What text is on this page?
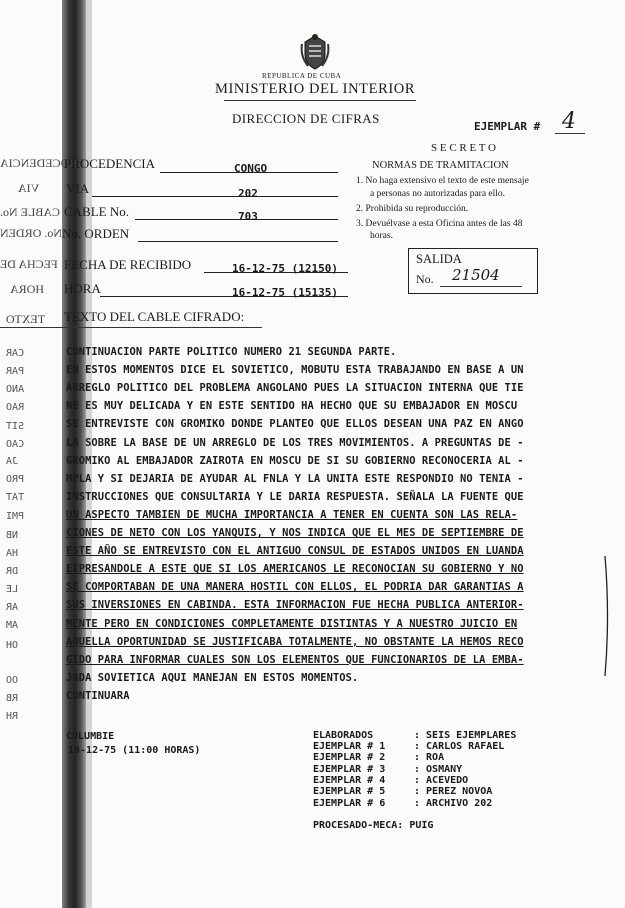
PROCEDENCIA
VIA
CABLE No.
No. ORDEN
FECHA DE
HORA
TEXTO
CAR
PAR
ANO
RAO
SIT
CAO
JA
PRO
TAT
PMI
NB
HA
DR
LE
AR
AM
OH
OO
RB
RH
REPUBLICA DE CUBA
MINISTERIO DEL INTERIOR
DIRECCION DE CIFRAS
EJEMPLAR # 4
S E C R E T O
PROCEDENCIA	CONGO
VIA	202
CABLE No.	703
No. ORDEN
FECHA DE RECIBIDO	16-12-75 (12150)
HORA	16-12-75 (15135)
TEXTO DEL CABLE CIFRADO:
NORMAS DE TRAMITACION
1. No haga extensivo el texto de este mensaje
a personas no autorizadas para ello.
2. Prohibida su reproducción.
3. Devuélvase a esta Oficina antes de las 48
horas.
SALIDA
No. 21504
CONTINUACION PARTE POLITICO NUMERO 21 SEGUNDA PARTE.
EN ESTOS MOMENTOS DICE EL SOVIETICO, MOBUTU ESTA TRABAJANDO EN BASE A UN
ARREGLO POLITICO DEL PROBLEMA ANGOLANO PUES LA SITUACION INTERNA QUE TIE
NE ES MUY DELICADA Y EN ESTE SENTIDO HA HECHO QUE SU EMBAJADOR EN MOSCU
SE ENTREVISTE CON GROMIKO DONDE PLANTEO QUE ELLOS DESEAN UNA PAZ EN ANGO
LA SOBRE LA BASE DE UN ARREGLO DE LOS TRES MOVIMIENTOS. A PREGUNTAS DE -
GROMIKO AL EMBAJADOR ZAIROTA EN MOSCU DE SI SU GOBIERNO RECONOCERIA AL -
MPLA Y SI DEJARIA DE AYUDAR AL FNLA Y LA UNITA ESTE RESPONDIO NO TENIA -
INSTRUCCIONES QUE CONSULTARIA Y LE DARIA RESPUESTA. SEÑALA LA FUENTE QUE
UN ASPECTO TAMBIEN DE MUCHA IMPORTANCIA A TENER EN CUENTA SON LAS RELA-
CIONES DE NETO CON LOS YANQUIS, Y NOS INDICA QUE EL MES DE SEPTIEMBRE DE
ESTE AÑO SE ENTREVISTO CON EL ANTIGUO CONSUL DE ESTADOS UNIDOS EN LUANDA
EXPRESANDOLE A ESTE QUE SI LOS AMERICANOS LE RECONOCIAN SU GOBIERNO Y NO
SE COMPORTABAN DE UNA MANERA HOSTIL CON ELLOS, EL PODRIA DAR GARANTIAS A
SUS INVERSIONES EN CABINDA. ESTA INFORMACION FUE HECHA PUBLICA ANTERIOR-
MENTE PERO EN CONDICIONES COMPLETAMENTE DISTINTAS Y A NUESTRO JUICIO EN
AQUELLA OPORTUNIDAD SE JUSTIFICABA TOTALMENTE, NO OBSTANTE LA HEMOS RECO
GIDO PARA INFORMAR CUALES SON LOS ELEMENTOS QUE FUNCIONARIOS DE LA EMBA-
JADA SOVIETICA AQUI MANEJAN EN ESTOS MOMENTOS.
CONTINUARA
COLUMBIE
16-12-75 (11:00 HORAS)
ELABORADOS	: SEIS EJEMPLARES
EJEMPLAR # 1	: CARLOS RAFAEL
EJEMPLAR # 2	: ROA
EJEMPLAR # 3	: OSMANY
EJEMPLAR # 4	: ACEVEDO
EJEMPLAR # 5	: PEREZ NOVOA
EJEMPLAR # 6	: ARCHIVO 202
PROCESADO-MECA: PUIG
